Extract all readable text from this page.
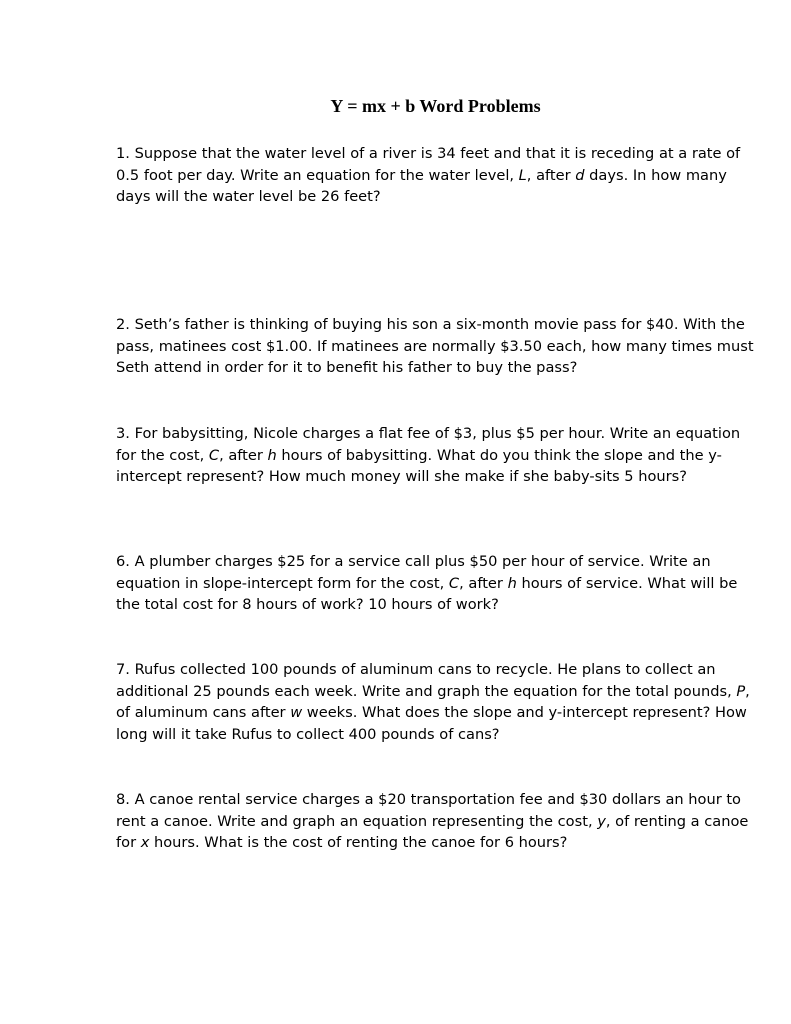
Y = mx + b Word Problems

1. Suppose that the water level of a river is 34 feet and that it is receding at a rate of 0.5 foot per day. Write an equation for the water level, L, after d days. In how many days will the water level be 26 feet?

2. Seth’s father is thinking of buying his son a six-month movie pass for $40. With the pass, matinees cost $1.00. If matinees are normally $3.50 each, how many times must Seth attend in order for it to benefit his father to buy the pass?

3. For babysitting, Nicole charges a flat fee of $3, plus $5 per hour. Write an equation for the cost, C, after h hours of babysitting. What do you think the slope and the y-intercept represent? How much money will she make if she baby-sits 5 hours?

6. A plumber charges $25 for a service call plus $50 per hour of service. Write an equation in slope-intercept form for the cost, C, after h hours of service. What will be the total cost for 8 hours of work? 10 hours of work?

7. Rufus collected 100 pounds of aluminum cans to recycle. He plans to collect an additional 25 pounds each week. Write and graph the equation for the total pounds, P, of aluminum cans after w weeks. What does the slope and y-intercept represent? How long will it take Rufus to collect 400 pounds of cans?

8. A canoe rental service charges a $20 transportation fee and $30 dollars an hour to rent a canoe. Write and graph an equation representing the cost, y, of renting a canoe for x hours. What is the cost of renting the canoe for 6 hours?
